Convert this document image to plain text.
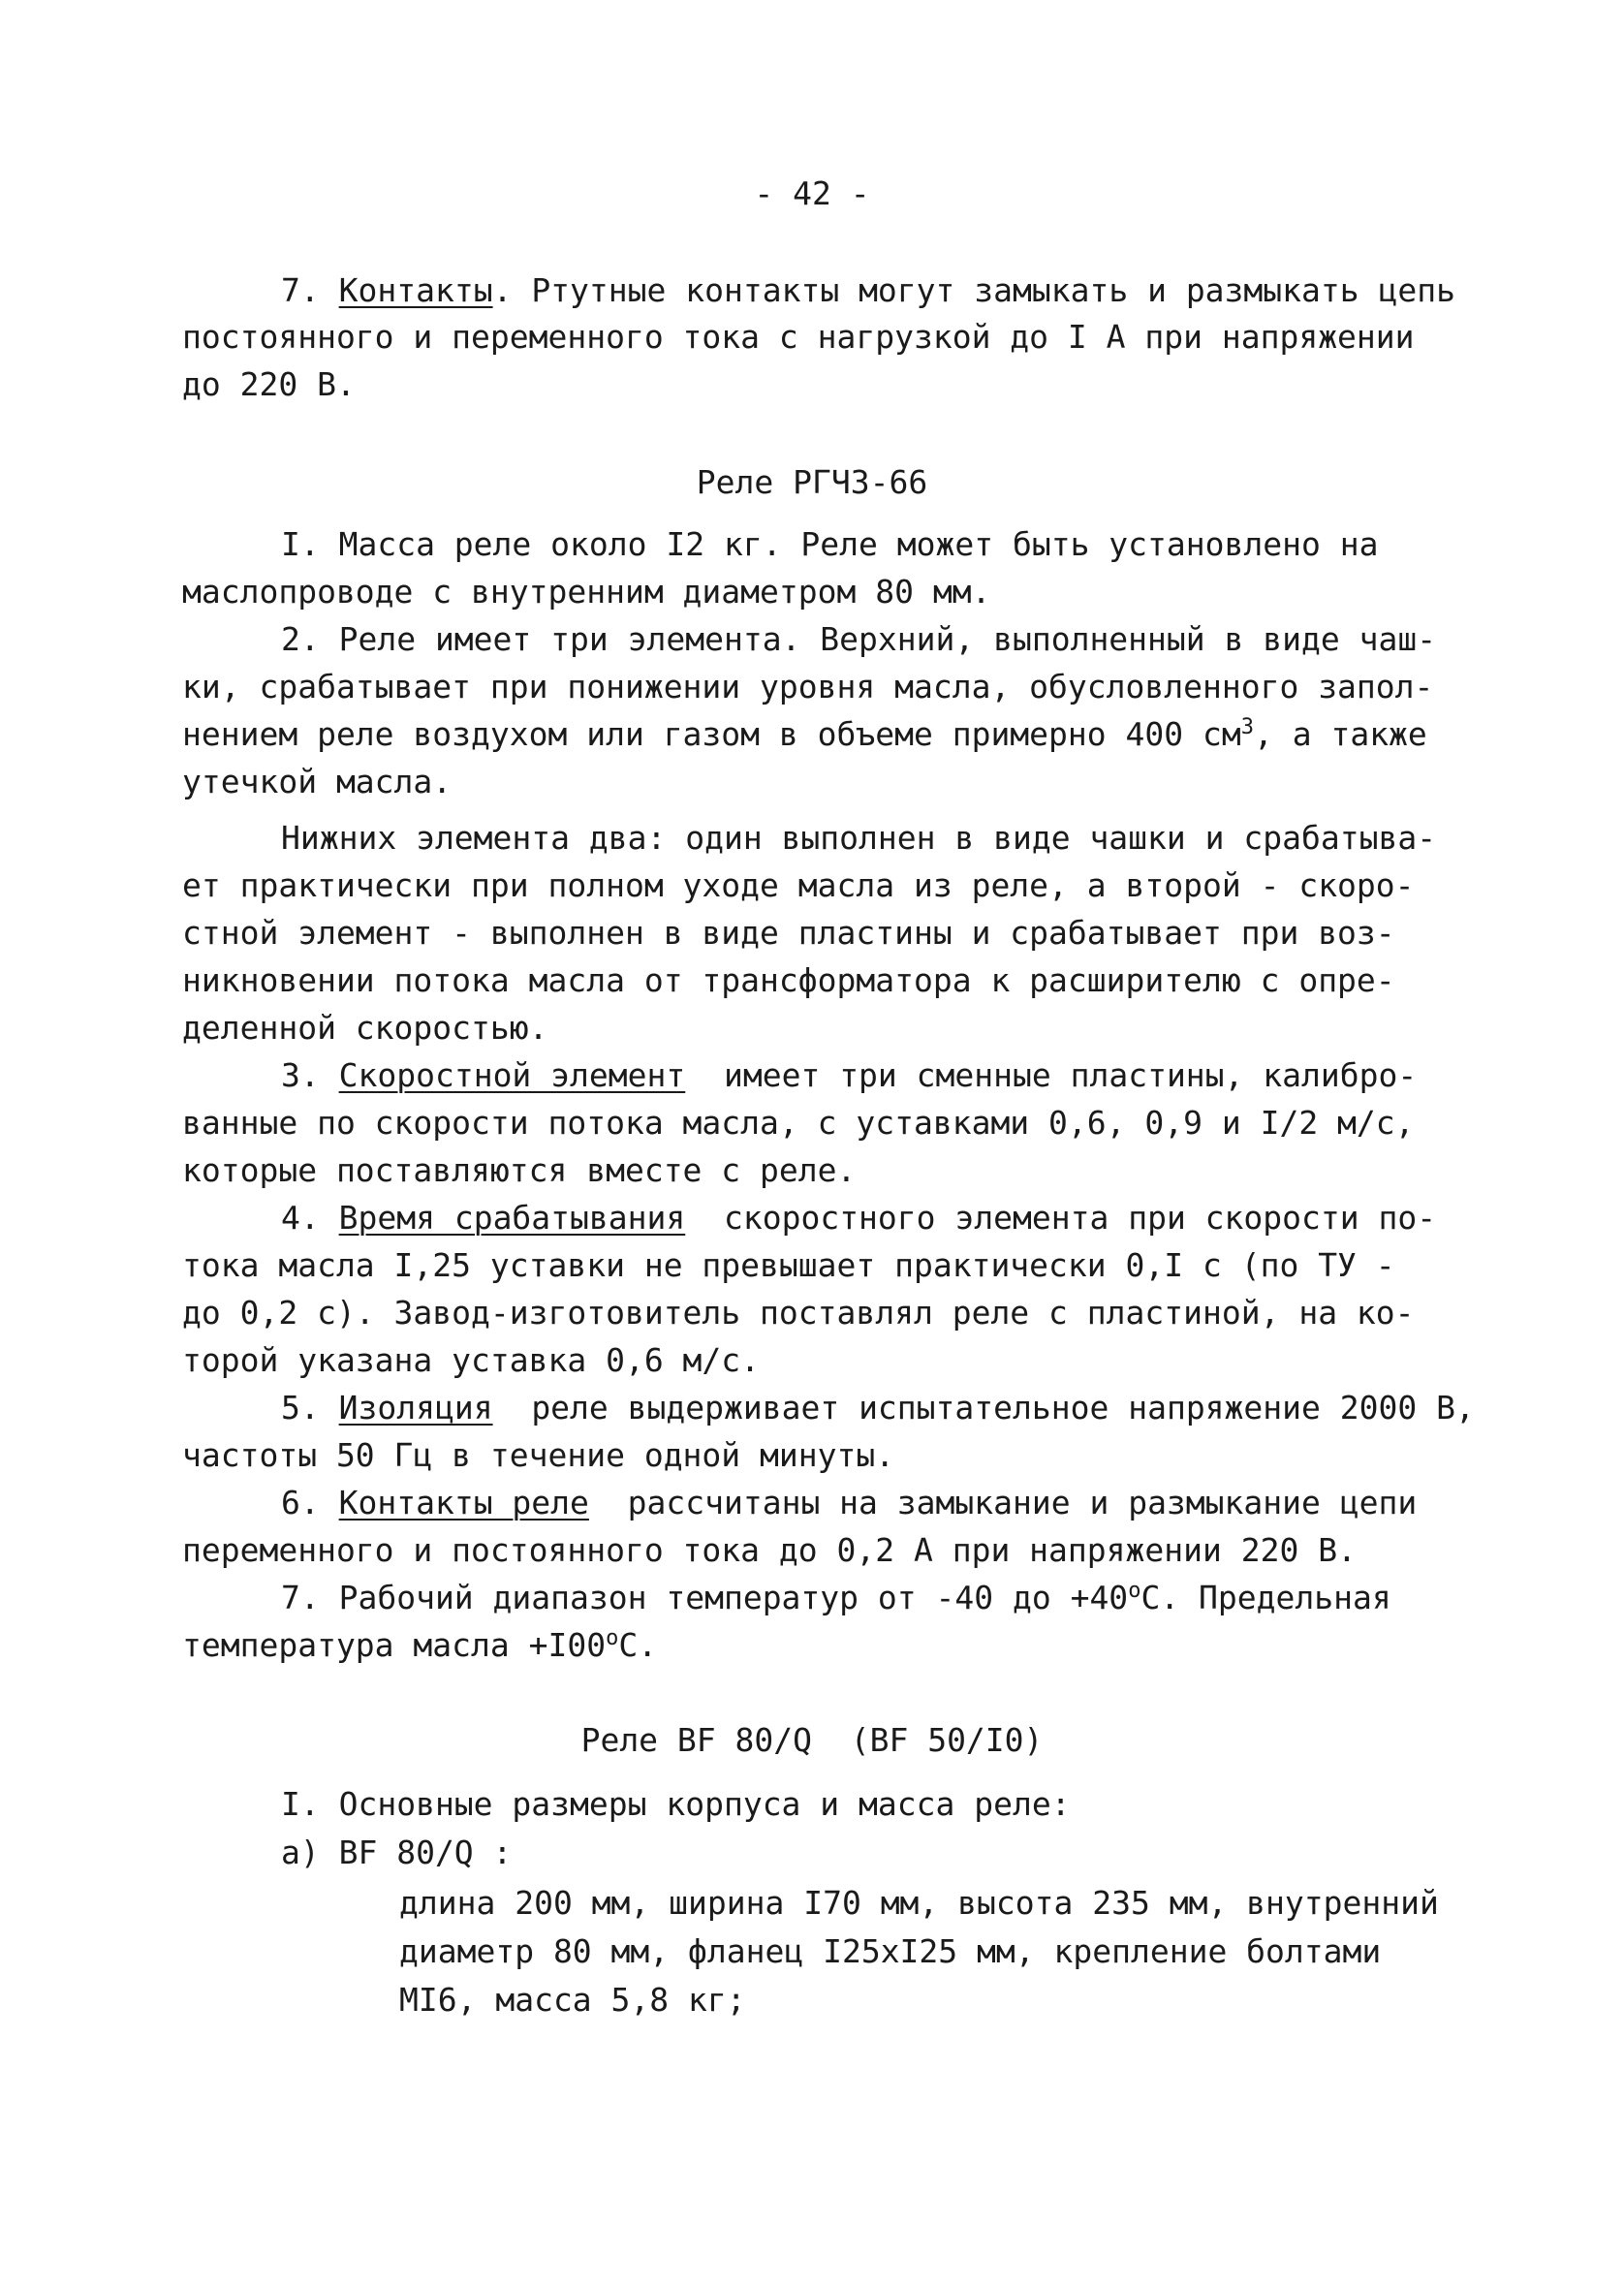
- 42 -
7. Контакты. Ртутные контакты могут замыкать и размыкать цепь
постоянного и переменного тока с нагрузкой до I А при напряжении
до 220 В.
Реле РГЧЗ-66
I. Масса реле около I2 кг. Реле может быть установлено на
маслопроводе с внутренним диаметром 80 мм.
2. Реле имеет три элемента. Верхний, выполненный в виде чаш-
ки, срабатывает при понижении уровня масла, обусловленного запол-
нением реле воздухом или газом в объеме примерно 400 $см^3$, а также
утечкой масла.
Нижних элемента два: один выполнен в виде чашки и срабатыва-
ет практически при полном уходе масла из реле, а второй - скоро-
стной элемент - выполнен в виде пластины и срабатывает при воз-
никновении потока масла от трансформатора к расширителю с опре-
деленной скоростью.
3. Скоростной элемент  имеет три сменные пластины, калибро-
ванные по скорости потока масла, с уставками 0,6, 0,9 и I/2 м/с,
которые поставляются вместе с реле.
4. Время срабатывания  скоростного элемента при скорости по-
тока масла I,25 уставки не превышает практически 0,I с (по ТУ -
до 0,2 с). Завод-изготовитель поставлял реле с пластиной, на ко-
торой указана уставка 0,6 м/с.
5. Изоляция  реле выдерживает испытательное напряжение 2000 В,
частоты 50 Гц в течение одной минуты.
6. Контакты реле  рассчитаны на замыкание и размыкание цепи
переменного и постоянного тока до 0,2 А при напряжении 220 В.
7. Рабочий диапазон температур от -40 до $+40^оС$. Предельная
температура масла $+I00^оС$.
Реле BF 80/Q  (BF 50/I0)
I. Основные размеры корпуса и масса реле:
а) BF 80/Q :
длина 200 мм, ширина I70 мм, высота 235 мм, внутренний
диаметр 80 мм, фланец I25xI25 мм, крепление болтами
MI6, масса 5,8 кг;
